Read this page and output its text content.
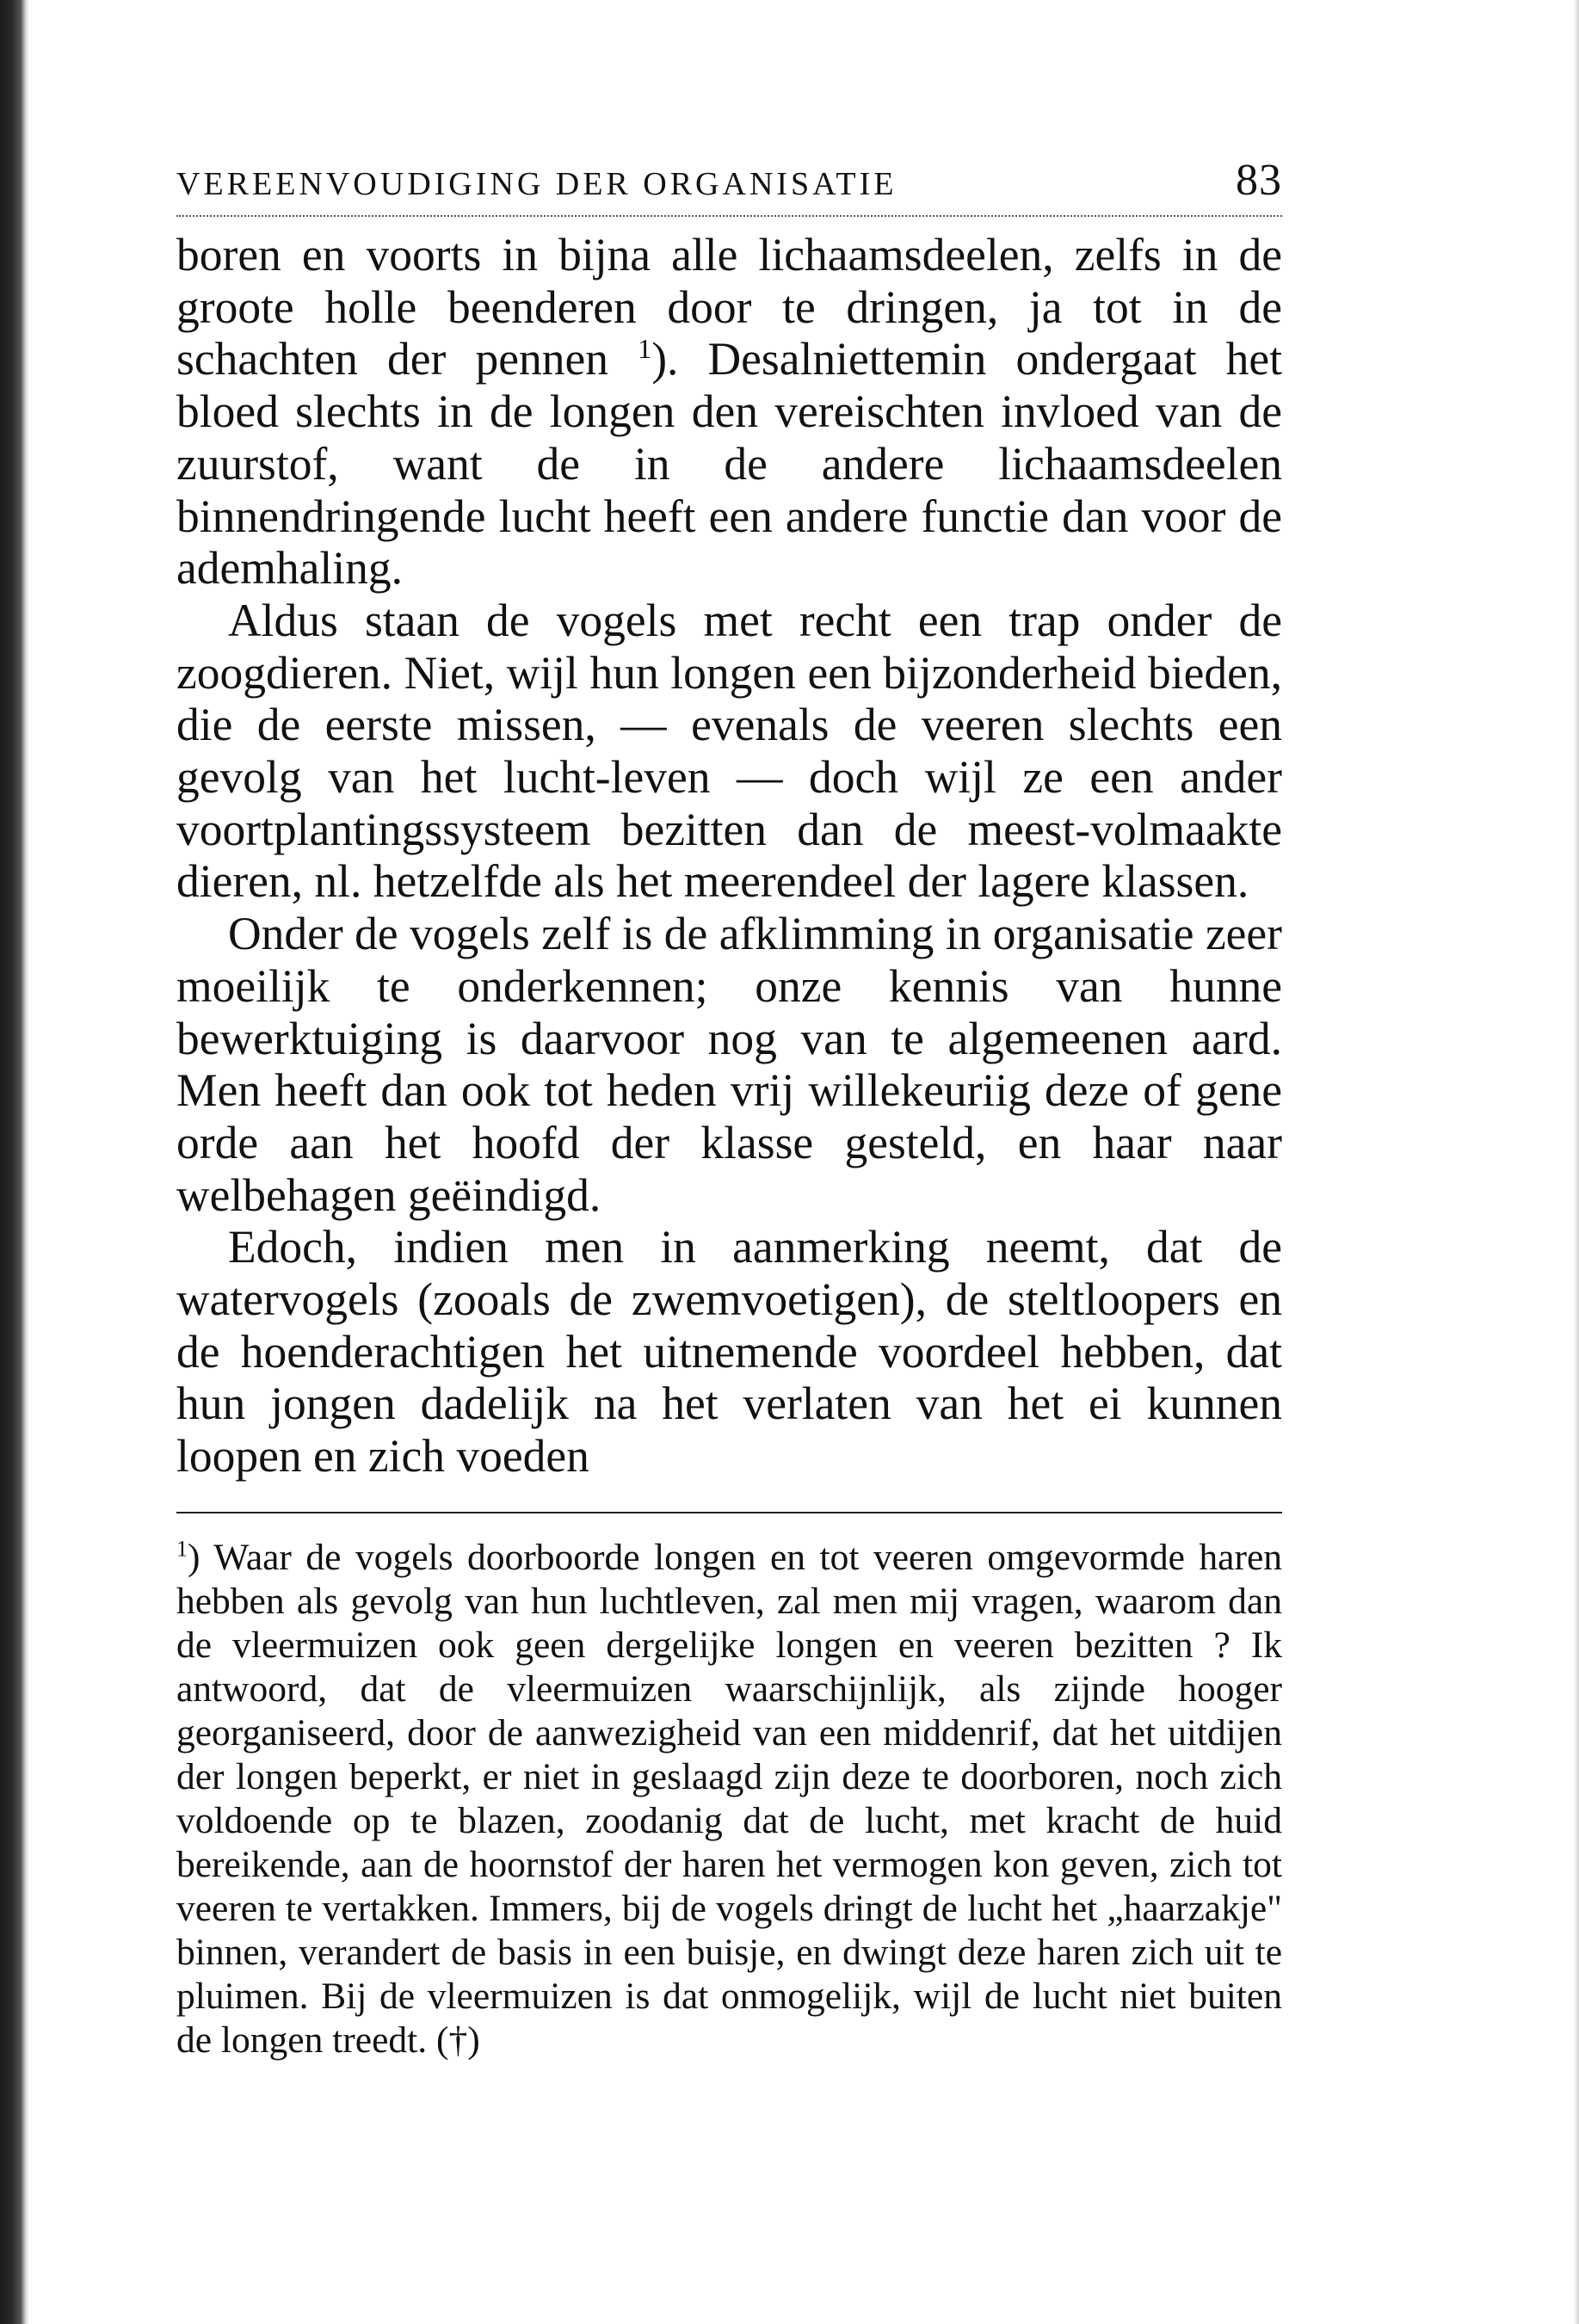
VEREENVOUDIGING DER ORGANISATIE	83

boren en voorts in bijna alle lichaamsdeelen, zelfs in de groote holle beenderen door te dringen, ja tot in de schachten der pennen $^1$). Desalniettemin ondergaat het bloed slechts in de longen den vereischten invloed van de zuurstof, want de in de andere lichaamsdeelen binnendringende lucht heeft een andere functie dan voor de ademhaling.

Aldus staan de vogels met recht een trap onder de zoogdieren. Niet, wijl hun longen een bijzonderheid bieden, die de eerste missen, — evenals de veeren slechts een gevolg van het lucht-leven — doch wijl ze een ander voortplantingssysteem bezitten dan de meest-volmaakte dieren, nl. hetzelfde als het meerendeel der lagere klassen.

Onder de vogels zelf is de afklimming in organisatie zeer moeilijk te onderkennen; onze kennis van hunne bewerktuiging is daarvoor nog van te algemeenen aard. Men heeft dan ook tot heden vrij willekeuriig deze of gene orde aan het hoofd der klasse gesteld, en haar naar welbehagen geëindigd.

Edoch, indien men in aanmerking neemt, dat de watervogels (zooals de zwemvoetigen), de steltloopers en de hoenderachtigen het uitnemende voordeel hebben, dat hun jongen dadelijk na het verlaten van het ei kunnen loopen en zich voeden

$^1$) Waar de vogels doorboorde longen en tot veeren omgevormde haren hebben als gevolg van hun luchtleven, zal men mij vragen, waarom dan de vleermuizen ook geen dergelijke longen en veeren bezitten ? Ik antwoord, dat de vleermuizen waarschijnlijk, als zijnde hooger georganiseerd, door de aanwezigheid van een middenrif, dat het uitdijen der longen beperkt, er niet in geslaagd zijn deze te doorboren, noch zich voldoende op te blazen, zoodanig dat de lucht, met kracht de huid bereikende, aan de hoornstof der haren het vermogen kon geven, zich tot veeren te vertakken. Immers, bij de vogels dringt de lucht het „haarzakje" binnen, verandert de basis in een buisje, en dwingt deze haren zich uit te pluimen. Bij de vleermuizen is dat onmogelijk, wijl de lucht niet buiten de longen treedt. (†)
